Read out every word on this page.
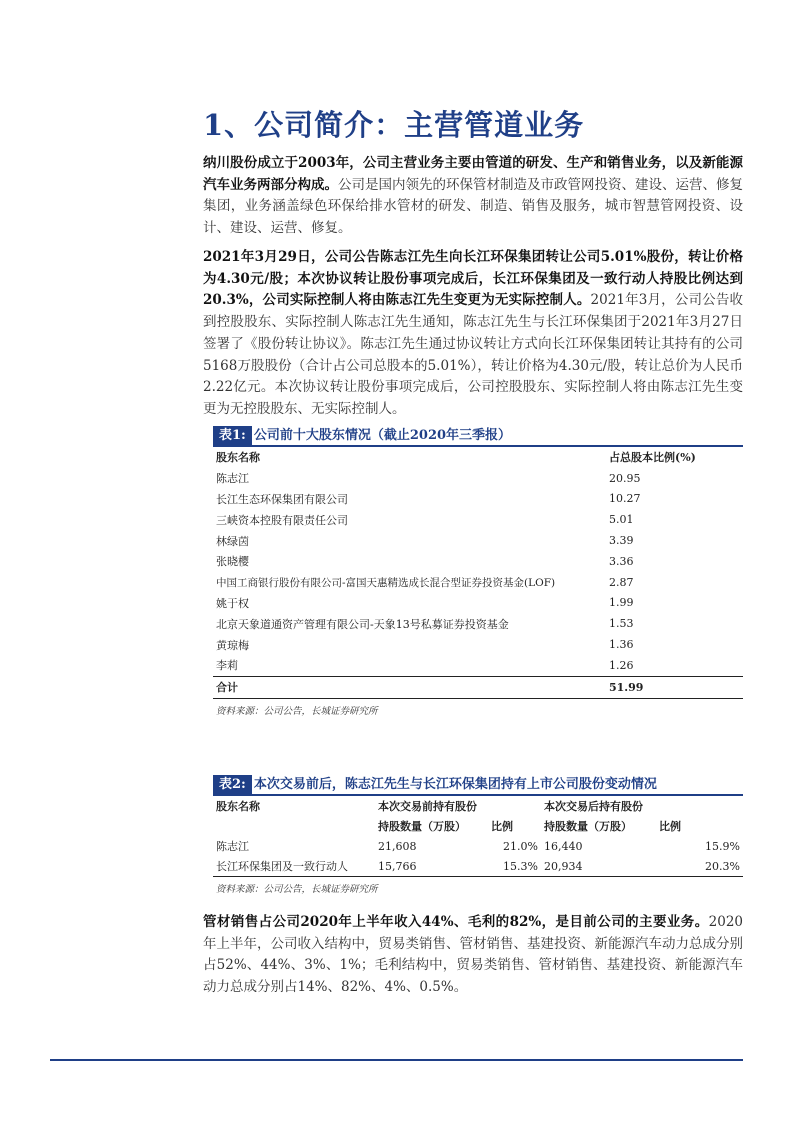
1、公司简介：主营管道业务

纳川股份成立于2003年，公司主营业务主要由管道的研发、生产和销售业务，以及新能源汽车业务两部分构成。公司是国内领先的环保管材制造及市政管网投资、建设、运营、修复集团，业务涵盖绿色环保给排水管材的研发、制造、销售及服务，城市智慧管网投资、设计、建设、运营、修复。

2021年3月29日，公司公告陈志江先生向长江环保集团转让公司5.01%股份，转让价格为4.30元/股；本次协议转让股份事项完成后，长江环保集团及一致行动人持股比例达到20.3%，公司实际控制人将由陈志江先生变更为无实际控制人。2021年3月，公司公告收到控股股东、实际控制人陈志江先生通知，陈志江先生与长江环保集团于2021年3月27日签署了《股份转让协议》。陈志江先生通过协议转让方式向长江环保集团转让其持有的公司5168万股股份（合计占公司总股本的5.01%），转让价格为4.30元/股，转让总价为人民币2.22亿元。本次协议转让股份事项完成后，公司控股股东、实际控制人将由陈志江先生变更为无控股股东、无实际控制人。

表1: 公司前十大股东情况（截止2020年三季报）
股东名称	占总股本比例(%)
陈志江	20.95
长江生态环保集团有限公司	10.27
三峡资本控股有限责任公司	5.01
林绿茵	3.39
张晓樱	3.36
中国工商银行股份有限公司-富国天惠精选成长混合型证券投资基金(LOF)	2.87
姚于权	1.99
北京天象道通资产管理有限公司-天象13号私募证券投资基金	1.53
黄琼梅	1.36
李莉	1.26
合计	51.99
资料来源：公司公告，长城证券研究所
表2: 本次交易前后，陈志江先生与长江环保集团持有上市公司股份变动情况
股东名称	本次交易前持有股份		本次交易后持有股份	
	持股数量（万股）	比例	持股数量（万股）	比例
陈志江	21,608	21.0%	16,440	15.9%
长江环保集团及一致行动人	15,766	15.3%	20,934	20.3%
资料来源：公司公告，长城证券研究所

管材销售占公司2020年上半年收入44%、毛利的82%，是目前公司的主要业务。2020年上半年，公司收入结构中，贸易类销售、管材销售、基建投资、新能源汽车动力总成分别占52%、44%、3%、1%；毛利结构中，贸易类销售、管材销售、基建投资、新能源汽车动力总成分别占14%、82%、4%、0.5%。
